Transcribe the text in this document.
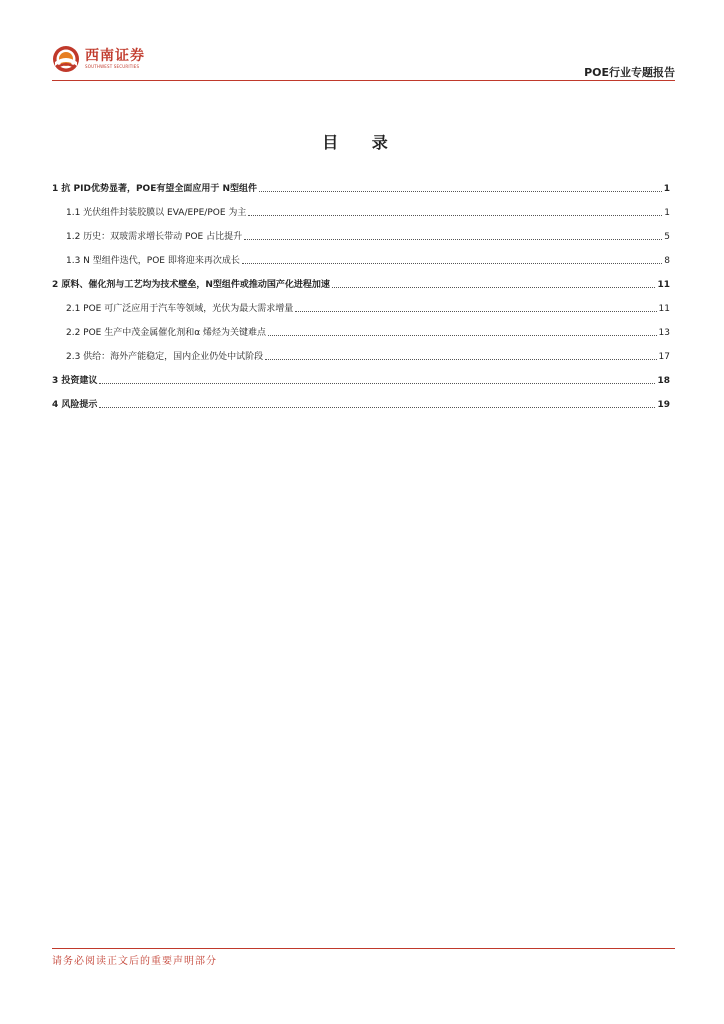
西南证券
SOUTHWEST SECURITIES	POE行业专题报告
目 录
1 抗 PID优势显著，POE有望全面应用于 N型组件	1
1.1 光伏组件封装胶膜以 EVA/EPE/POE 为主	1
1.2 历史：双玻需求增长带动 POE 占比提升	5
1.3 N 型组件迭代，POE 即将迎来再次成长	8
2 原料、催化剂与工艺均为技术壁垒，N型组件或推动国产化进程加速	11
2.1 POE 可广泛应用于汽车等领域，光伏为最大需求增量	11
2.2 POE 生产中茂金属催化剂和α 烯烃为关键难点	13
2.3 供给：海外产能稳定，国内企业仍处中试阶段	17
3 投资建议	18
4 风险提示	19
请务必阅读正文后的重要声明部分
